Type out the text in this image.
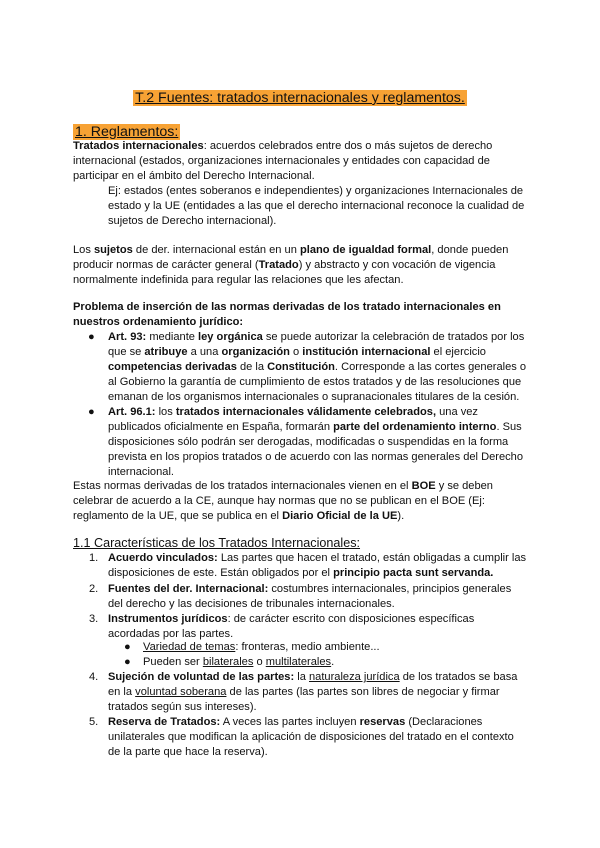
T.2 Fuentes: tratados internacionales y reglamentos.
1. Reglamentos:
Tratados internacionales: acuerdos celebrados entre dos o más sujetos de derecho
internacional (estados, organizaciones internacionales y entidades con capacidad de
participar en el ámbito del Derecho Internacional.
Ej: estados (entes soberanos e independientes) y organizaciones Internacionales de
estado y la UE (entidades a las que el derecho internacional reconoce la cualidad de
sujetos de Derecho internacional).
Los sujetos de der. internacional están en un plano de igualdad formal, donde pueden
producir normas de carácter general (Tratado) y abstracto y con vocación de vigencia
normalmente indefinida para regular las relaciones que les afectan.
Problema de inserción de las normas derivadas de los tratado internacionales en
nuestros ordenamiento jurídico:
● Art. 93: mediante ley orgánica se puede autorizar la celebración de tratados por los
que se atribuye a una organización o institución internacional el ejercicio
competencias derivadas de la Constitución. Corresponde a las cortes generales o
al Gobierno la garantía de cumplimiento de estos tratados y de las resoluciones que
emanan de los organismos internacionales o supranacionales titulares de la cesión.
● Art. 96.1: los tratados internacionales válidamente celebrados, una vez
publicados oficialmente en España, formarán parte del ordenamiento interno. Sus
disposiciones sólo podrán ser derogadas, modificadas o suspendidas en la forma
prevista en los propios tratados o de acuerdo con las normas generales del Derecho
internacional.
Estas normas derivadas de los tratados internacionales vienen en el BOE y se deben
celebrar de acuerdo a la CE, aunque hay normas que no se publican en el BOE (Ej:
reglamento de la UE, que se publica en el Diario Oficial de la UE).
1.1 Características de los Tratados Internacionales:
1. Acuerdo vinculados: Las partes que hacen el tratado, están obligadas a cumplir las
disposiciones de este. Están obligados por el principio pacta sunt servanda.
2. Fuentes del der. Internacional: costumbres internacionales, principios generales
del derecho y las decisiones de tribunales internacionales.
3. Instrumentos jurídicos: de carácter escrito con disposiciones específicas
acordadas por las partes.
● Variedad de temas: fronteras, medio ambiente...
● Pueden ser bilaterales o multilaterales.
4. Sujeción de voluntad de las partes: la naturaleza jurídica de los tratados se basa
en la voluntad soberana de las partes (las partes son libres de negociar y firmar
tratados según sus intereses).
5. Reserva de Tratados: A veces las partes incluyen reservas (Declaraciones
unilaterales que modifican la aplicación de disposiciones del tratado en el contexto
de la parte que hace la reserva).
